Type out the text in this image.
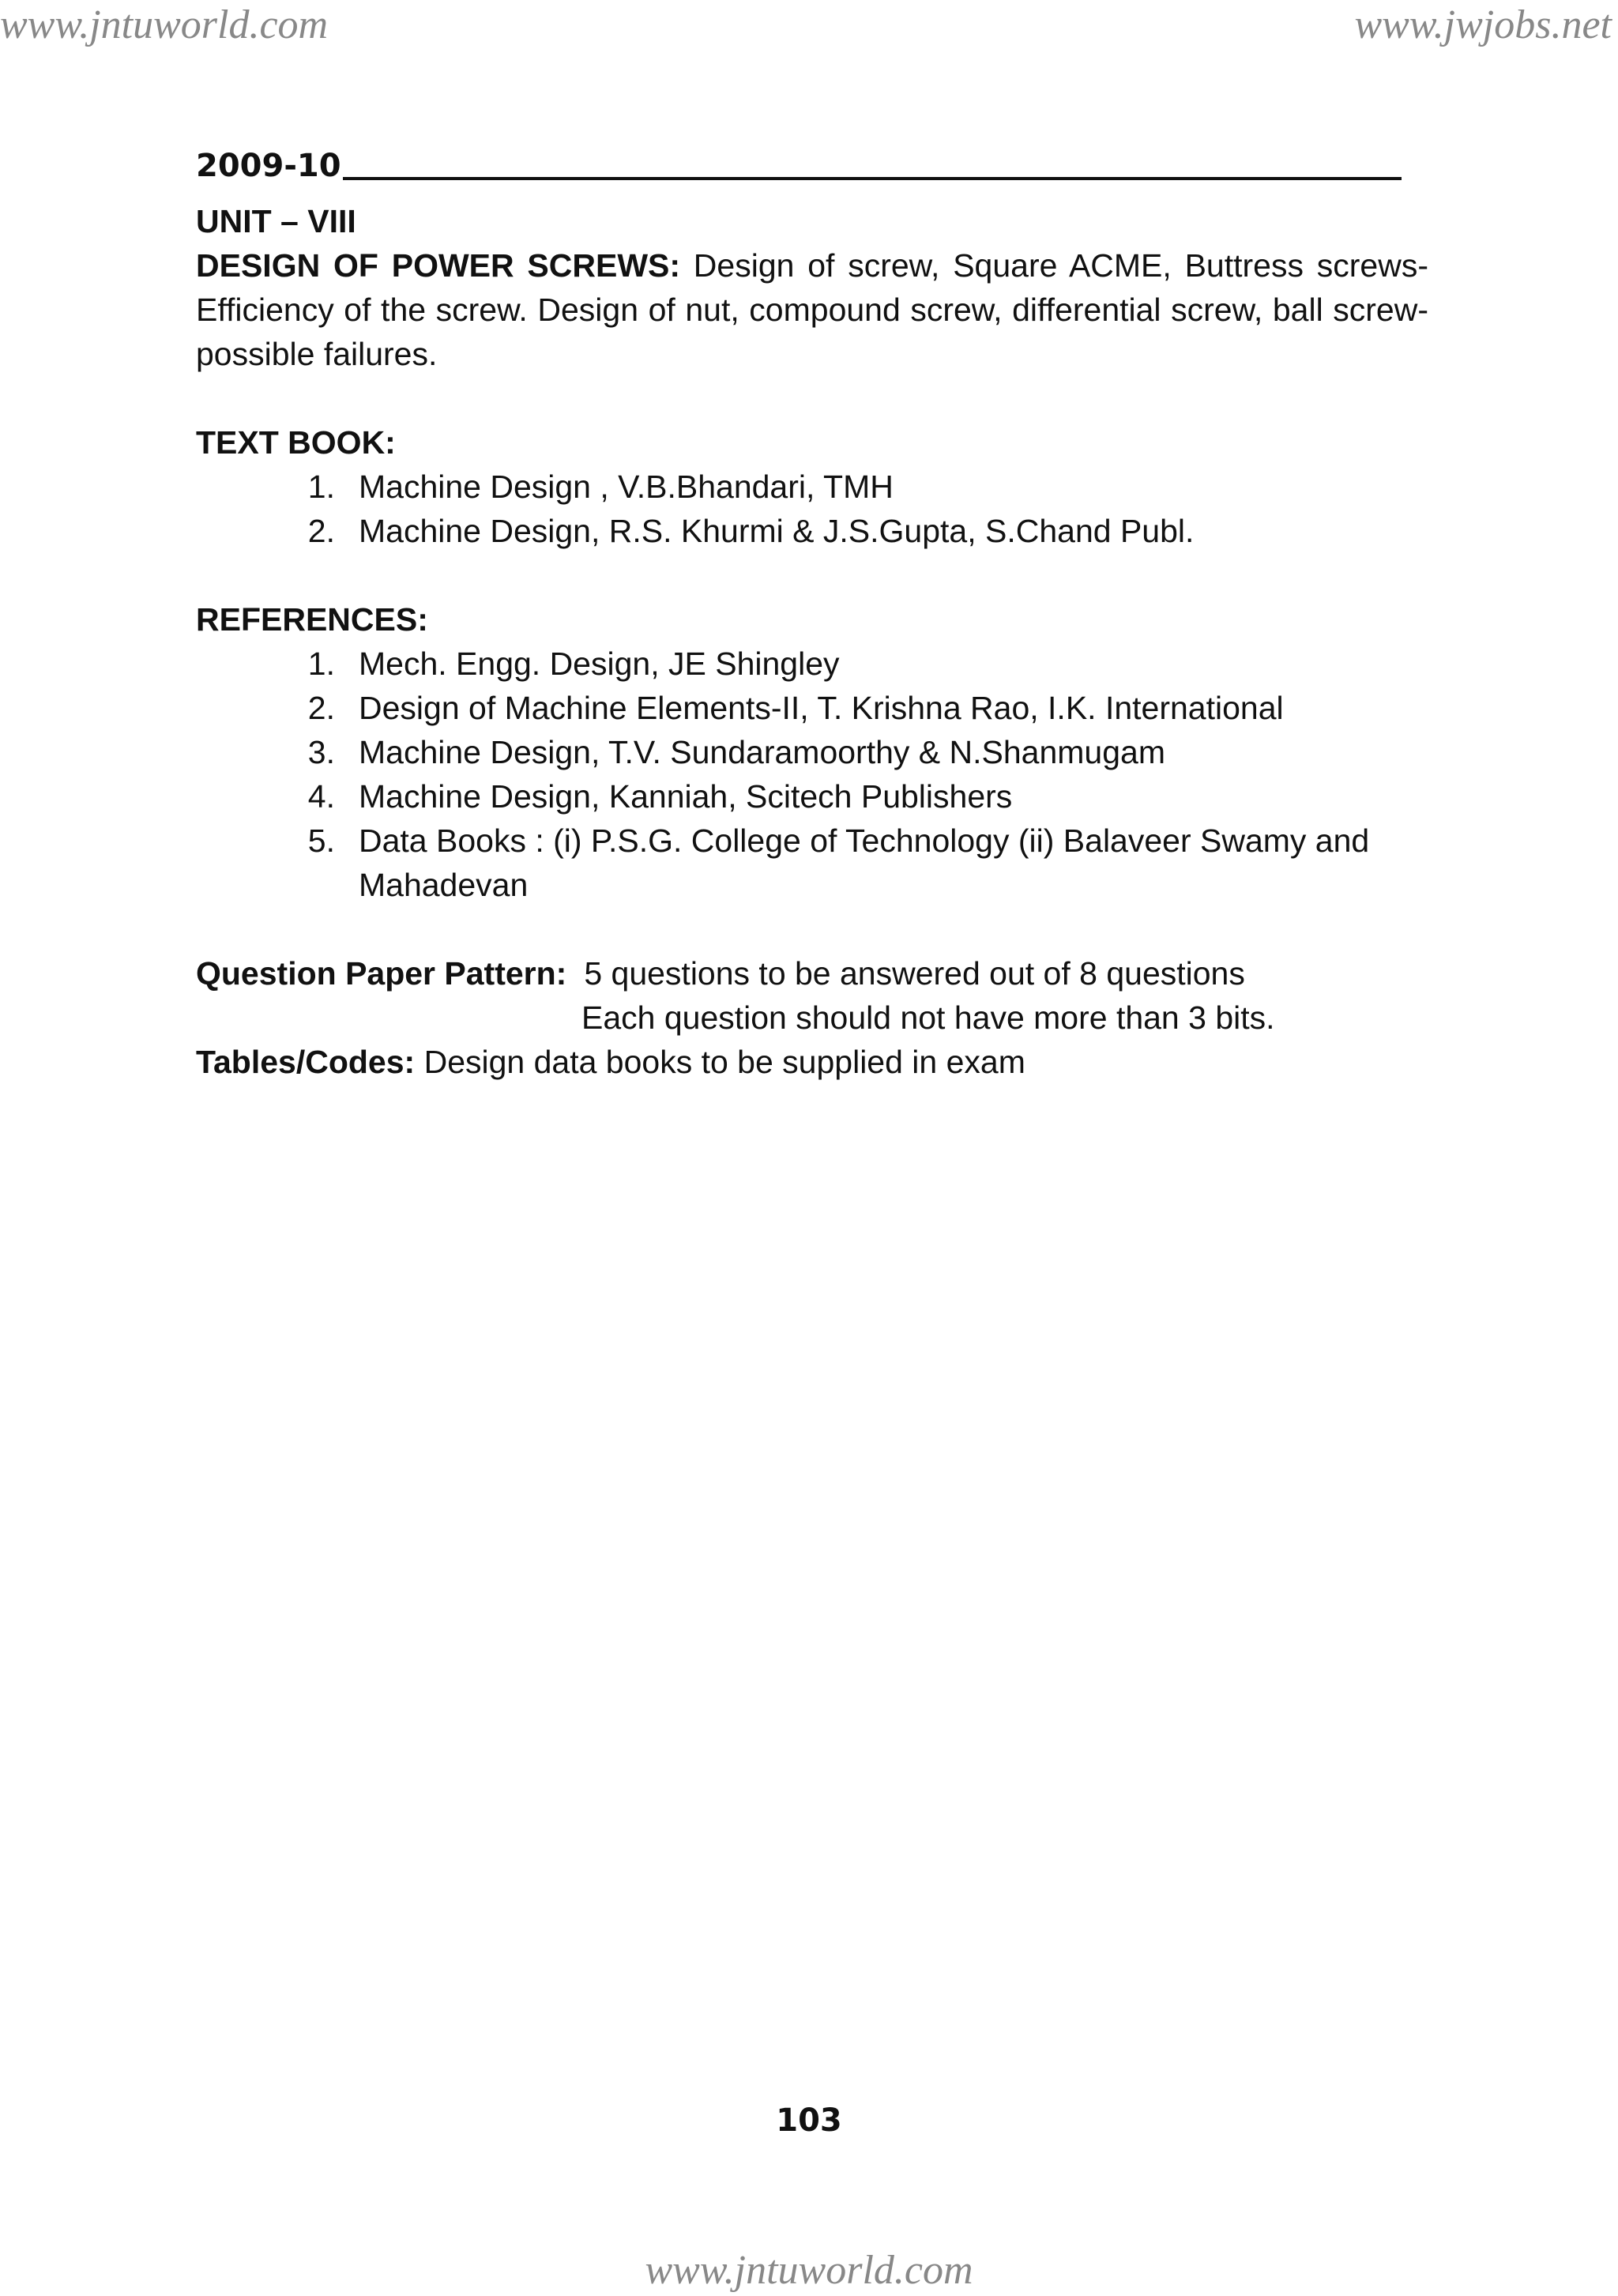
www.jntuworld.com	www.jwjobs.net
2009-10
UNIT – VIII
DESIGN OF POWER SCREWS: Design of screw, Square ACME, Buttress screws-Efficiency of the screw. Design of nut, compound screw, differential screw, ball screw- possible failures.
TEXT BOOK:
1. Machine Design , V.B.Bhandari, TMH
2. Machine Design, R.S. Khurmi & J.S.Gupta, S.Chand Publ.
REFERENCES:
1. Mech. Engg. Design, JE Shingley
2. Design of Machine Elements-II, T. Krishna Rao, I.K. International
3. Machine Design, T.V. Sundaramoorthy & N.Shanmugam
4. Machine Design, Kanniah, Scitech Publishers
5. Data Books : (i) P.S.G. College of Technology (ii) Balaveer Swamy and Mahadevan
Question Paper Pattern: 5 questions to be answered out of 8 questions
Each question should not have more than 3 bits.
Tables/Codes: Design data books to be supplied in exam
103
www.jntuworld.com
